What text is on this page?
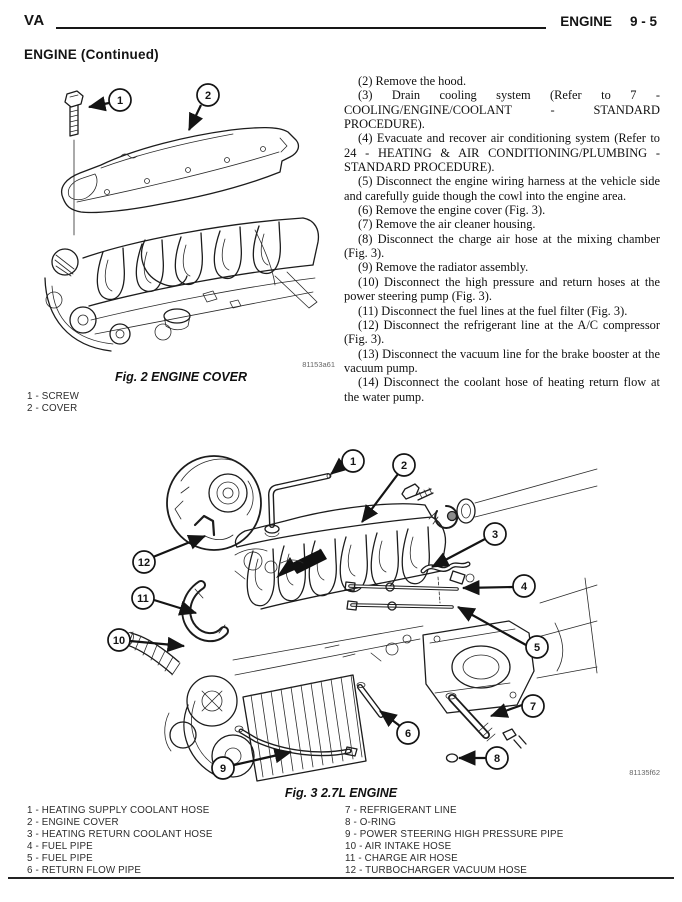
VA	ENGINE 9 - 5
ENGINE (Continued)

(2) Remove the hood.

(3) Drain cooling system (Refer to 7 - COOLING/ENGINE/COOLANT - STANDARD PROCEDURE).

(4) Evacuate and recover air conditioning system (Refer to 24 - HEATING & AIR CONDITIONING/PLUMBING - STANDARD PROCEDURE).

(5) Disconnect the engine wiring harness at the vehicle side and carefully guide though the cowl into the engine area.

(6) Remove the engine cover (Fig. 3).

(7) Remove the air cleaner housing.

(8) Disconnect the charge air hose at the mixing chamber (Fig. 3).

(9) Remove the radiator assembly.

(10) Disconnect the high pressure and return hoses at the power steering pump (Fig. 3).

(11) Disconnect the fuel lines at the fuel filter (Fig. 3).

(12) Disconnect the refrigerant line at the A/C compressor (Fig. 3).

(13) Disconnect the vacuum line for the brake booster at the vacuum pump.

(14) Disconnect the coolant hose of heating return flow at the water pump.

1	2
81153a61
Fig. 2 ENGINE COVER
1 - SCREW
2 - COVER
1	2
3
4
5
6
7
8
9
10
11
12
81135f62
Fig. 3 2.7L ENGINE
1 - HEATING SUPPLY COOLANT HOSE
2 - ENGINE COVER
3 - HEATING RETURN COOLANT HOSE
4 - FUEL PIPE
5 - FUEL PIPE
6 - RETURN FLOW PIPE
7 - REFRIGERANT LINE
8 - O-RING
9 - POWER STEERING HIGH PRESSURE PIPE
10 - AIR INTAKE HOSE
11 - CHARGE AIR HOSE
12 - TURBOCHARGER VACUUM HOSE
